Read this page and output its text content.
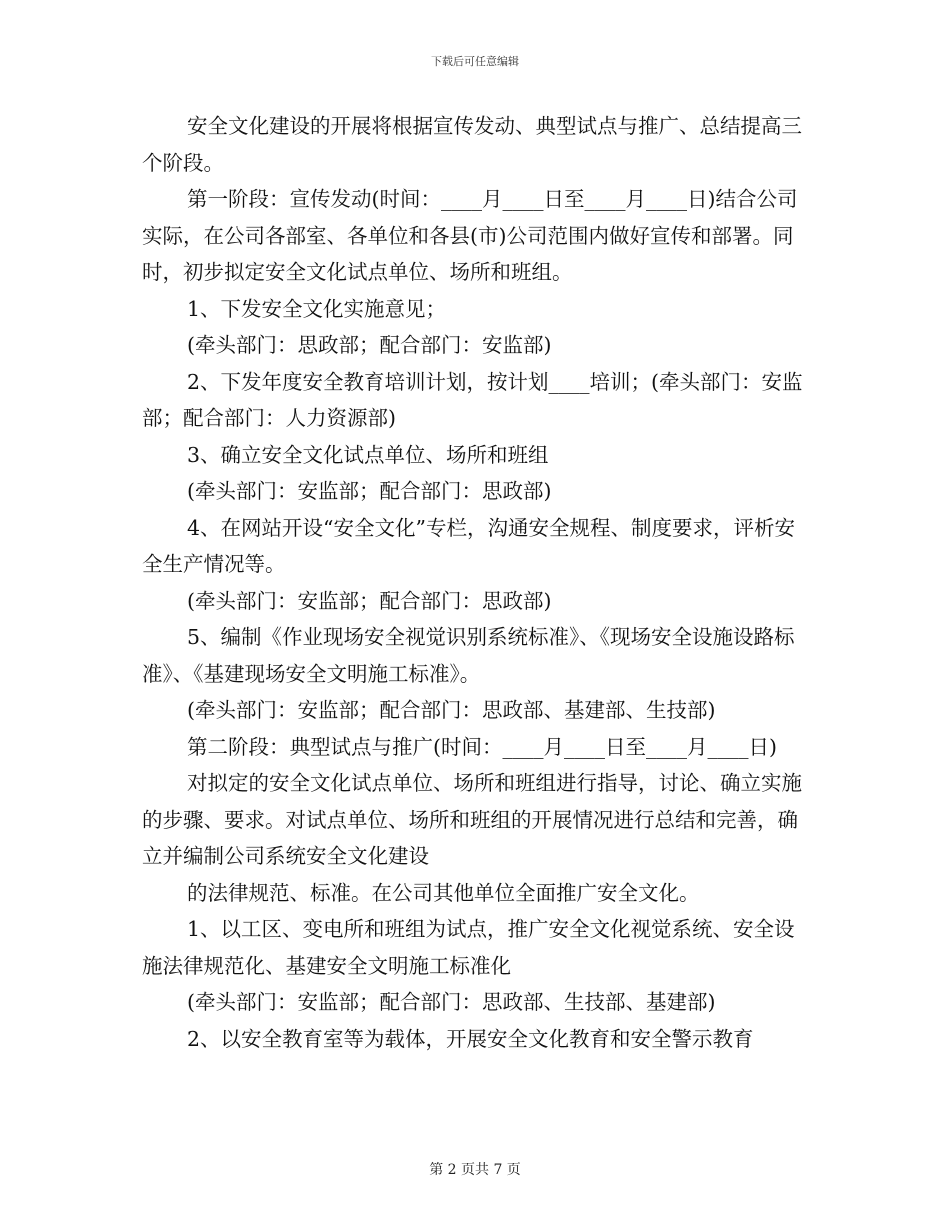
下载后可任意编辑

安全文化建设的开展将根据宣传发动、典型试点与推广、总结提高三个阶段。

第一阶段：宣传发动(时间：____月____日至____月____日)结合公司实际，在公司各部室、各单位和各县(市)公司范围内做好宣传和部署。同时，初步拟定安全文化试点单位、场所和班组。

1、下发安全文化实施意见；

(牵头部门：思政部；配合部门：安监部)

2、下发年度安全教育培训计划，按计划____培训；(牵头部门：安监部；配合部门：人力资源部)

3、确立安全文化试点单位、场所和班组

(牵头部门：安监部；配合部门：思政部)

4、在网站开设“安全文化”专栏，沟通安全规程、制度要求，评析安全生产情况等。

(牵头部门：安监部；配合部门：思政部)

5、编制《作业现场安全视觉识别系统标准》、《现场安全设施设路标准》、《基建现场安全文明施工标准》。

(牵头部门：安监部；配合部门：思政部、基建部、生技部)

第二阶段：典型试点与推广(时间：____月____日至____月____日)

对拟定的安全文化试点单位、场所和班组进行指导，讨论、确立实施的步骤、要求。对试点单位、场所和班组的开展情况进行总结和完善，确立并编制公司系统安全文化建设

的法律规范、标准。在公司其他单位全面推广安全文化。

1、以工区、变电所和班组为试点，推广安全文化视觉系统、安全设施法律规范化、基建安全文明施工标准化

(牵头部门：安监部；配合部门：思政部、生技部、基建部)

2、以安全教育室等为载体，开展安全文化教育和安全警示教育

第 2 页共 7 页
